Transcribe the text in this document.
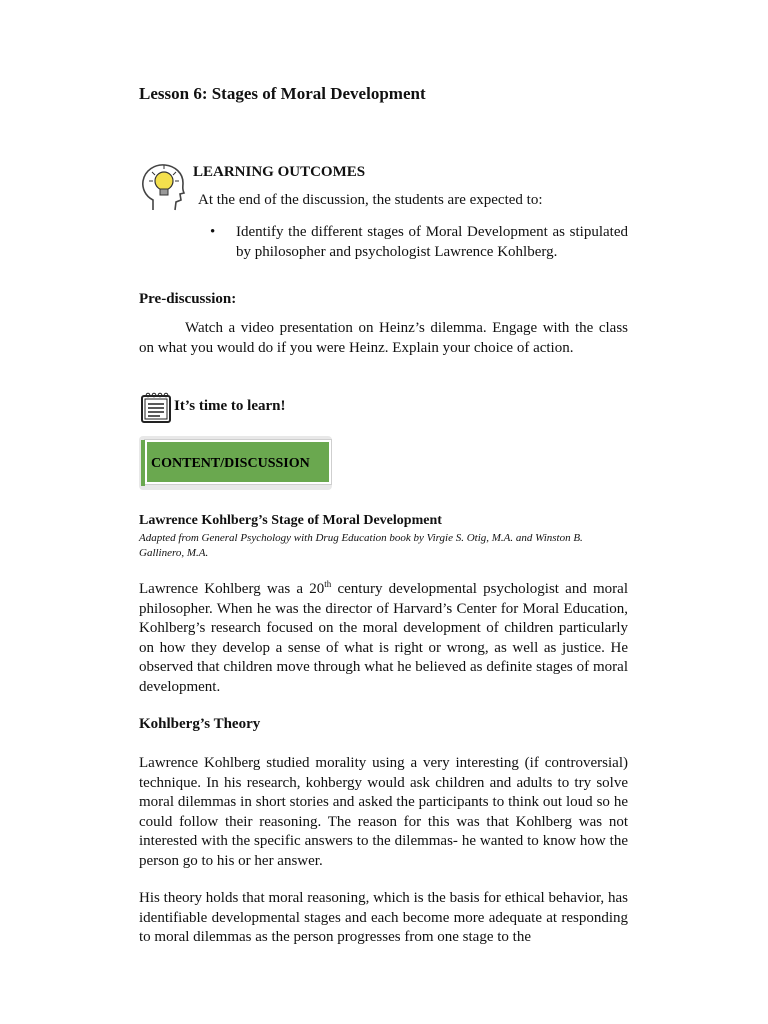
Lesson 6: Stages of Moral Development
LEARNING OUTCOMES
At the end of the discussion, the students are expected to:
• Identify the different stages of Moral Development as stipulated by philosopher and psychologist Lawrence Kohlberg.
Pre-discussion:
Watch a video presentation on Heinz’s dilemma. Engage with the class on what you would do if you were Heinz. Explain your choice of action.
It’s time to learn!
CONTENT/DISCUSSION
Lawrence Kohlberg’s Stage of Moral Development
Adapted from General Psychology with Drug Education book by Virgie S. Otig, M.A. and Winston B. Gallinero, M.A.
Lawrence Kohlberg was a 20th century developmental psychologist and moral philosopher. When he was the director of Harvard’s Center for Moral Education, Kohlberg’s research focused on the moral development of children particularly on how they develop a sense of what is right or wrong, as well as justice. He observed that children move through what he believed as definite stages of moral development.
Kohlberg’s Theory
Lawrence Kohlberg studied morality using a very interesting (if controversial) technique. In his research, kohbergy would ask children and adults to try solve moral dilemmas in short stories and asked the participants to think out loud so he could follow their reasoning. The reason for this was that Kohlberg was not interested with the specific answers to the dilemmas- he wanted to know how the person go to his or her answer.
His theory holds that moral reasoning, which is the basis for ethical behavior, has identifiable developmental stages and each become more adequate at responding to moral dilemmas as the person progresses from one stage to the
